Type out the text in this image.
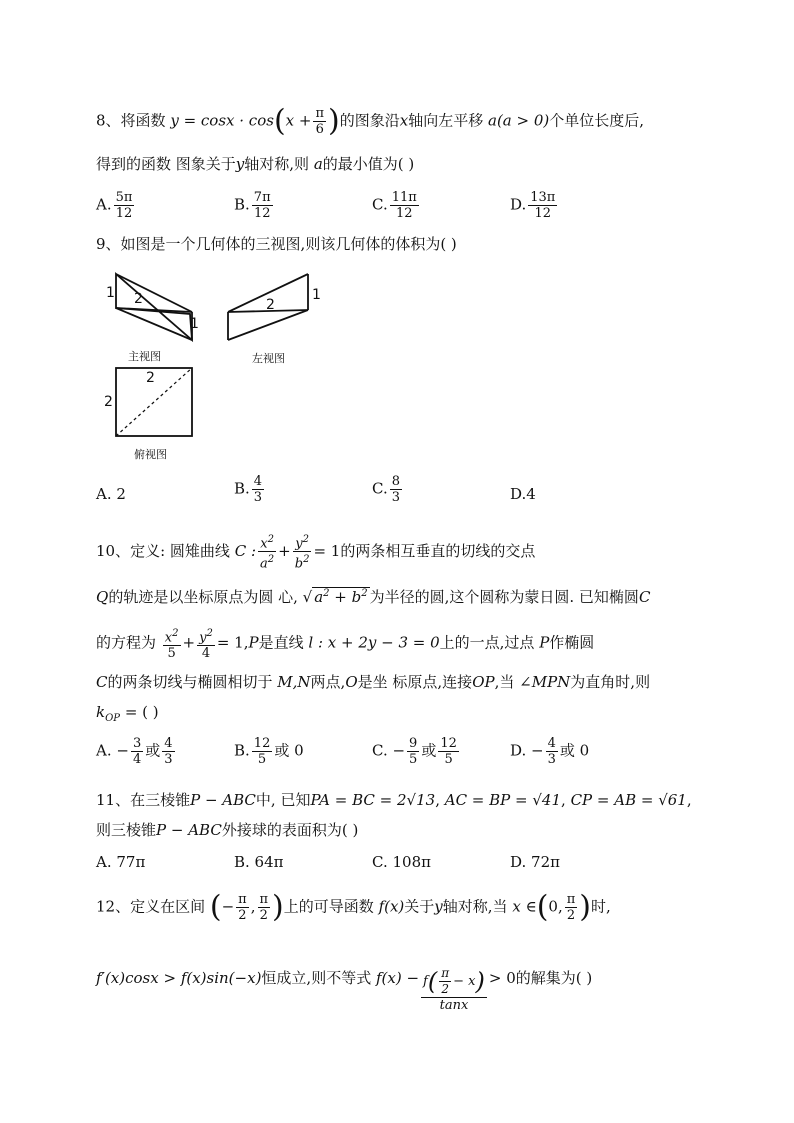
8、将函数 $y = \cos x \cdot \cos(x + \frac{\pi}{6}$ )的图象沿x轴向左平移 a(a > 0)个单位长度后,
得到的函数 图象关于y轴对称,则 a的最小值为( )
A. $\frac{5\pi}{12}$	B. $\frac{7\pi}{12}$	C. $\frac{11\pi}{12}$	D. $\frac{13\pi}{12}$
9、如图是一个几何体的三视图,则该几何体的体积为( )
1 2
1
主视图
2
1
左视图
2
2
俯视图
A. 2	B. $\frac{4}{3}$	C. $\frac{8}{3}$	D.4
10、定义: 圆雉曲线 C : $\frac{x^2}{a^2} + \frac{y^2}{b^2} = 1$的两条相互垂直的切线的交点
Q的轨迹是以坐标原点为圆 心, √ $a^2 + b^2$ 为半径的圆,这个圆称为蒙日圆. 已知椭圆C
的方程为 $\frac{x^2}{5} + \frac{y^2}{4} = 1,P$是直线 l : x + 2y − 3 = 0上的一点,过点 P作椭圆
C的两条切线与椭圆相切于 M,N两点,O是坐 标原点,连接OP,当 ∠MPN为直角时,则
$k_{OP}$ = ( )
A. − $\frac{3}{4}$ 或 $\frac{4}{3}$	B. $\frac{12}{5}$ 或 0	C. − $\frac{9}{5}$ 或 $\frac{12}{5}$	D. − $\frac{4}{3}$ 或 0
11、在三棱锥P − ABC中, 已知PA = BC = 2√13, AC = BP = √41, CP = AB = √61,
则三棱锥P − ABC外接球的表面积为( )
A. 77π	B. 64π	C. 108π	D. 72π
12、定义在区间 (− $\frac{\pi}{2}$ , $\frac{\pi}{2}$ )上的可导函数 f(x)关于y轴对称,当 x ∈(0, $\frac{\pi}{2}$ )时,
f′(x)cosx > f(x)sin(−x)恒成立,则不等式 $f(x) - \frac{f( \frac{\pi}{2} - x)}{\tan x} > 0$的解集为( )
